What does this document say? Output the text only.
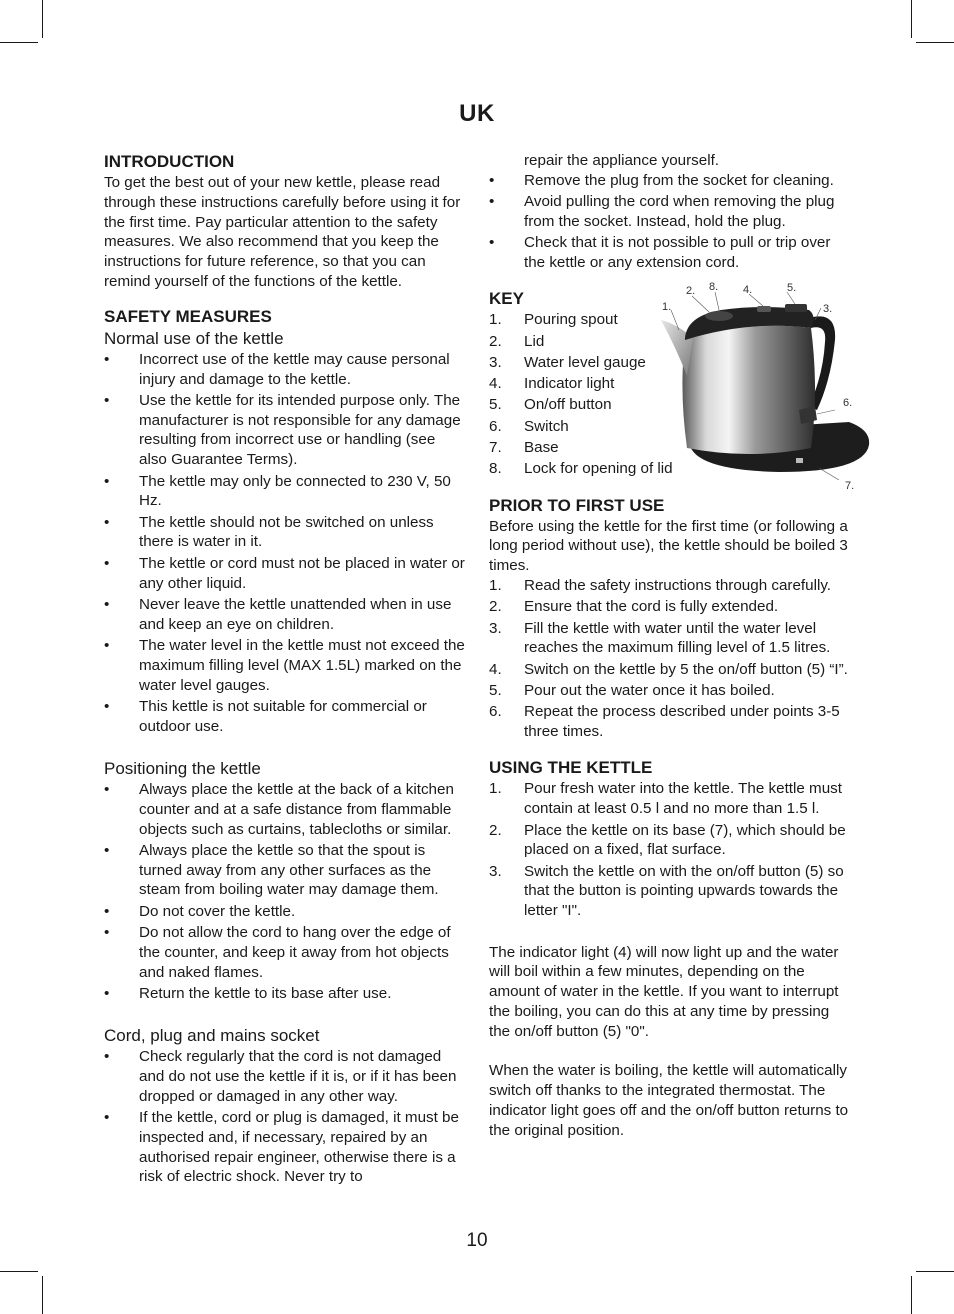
UK
INTRODUCTION

To get the best out of your new kettle, please read through these instructions carefully before using it for the first time. Pay particular attention to the safety measures. We also recommend that you keep the instructions for future reference, so that you can remind yourself of the functions of the kettle.

SAFETY MEASURES
Normal use of the kettle
• Incorrect use of the kettle may cause personal injury and damage to the kettle.
• Use the kettle for its intended purpose only. The manufacturer is not responsible for any damage resulting from incorrect use or handling (see also Guarantee Terms).
• The kettle may only be connected to 230 V, 50 Hz.
• The kettle should not be switched on unless there is water in it.
• The kettle or cord must not be placed in water or any other liquid.
• Never leave the kettle unattended when in use and keep an eye on children.
• The water level in the kettle must not exceed the maximum filling level (MAX 1.5L) marked on the water level gauges.
• This kettle is not suitable for commercial or outdoor use.
Positioning the kettle
• Always place the kettle at the back of a kitchen counter and at a safe distance from flammable objects such as curtains, tablecloths or similar.
• Always place the kettle so that the spout is turned away from any other surfaces as the steam from boiling water may damage them.
• Do not cover the kettle.
• Do not allow the cord to hang over the edge of the counter, and keep it away from hot objects and naked flames.
• Return the kettle to its base after use.
Cord, plug and mains socket
• Check regularly that the cord is not damaged and do not use the kettle if it is, or if it has been dropped or damaged in any other way.
• If the kettle, cord or plug is damaged, it must be inspected and, if necessary, repaired by an authorised repair engineer, otherwise there is a risk of electric shock. Never try to

repair the appliance yourself.

• Remove the plug from the socket for cleaning.
• Avoid pulling the cord when removing the plug from the socket. Instead, hold the plug.
• Check that it is not possible to pull or trip over the kettle or any extension cord.
KEY
1. Pouring spout
2. Lid
3. Water level gauge
4. Indicator light
5. On/off button
6. Switch
7. Base
8. Lock for opening of lid
1.
2. 8. 4.	5.
3.
6.
7.
PRIOR TO FIRST USE

Before using the kettle for the first time (or following a long period without use), the kettle should be boiled 3 times.

1. Read the safety instructions through carefully.
2. Ensure that the cord is fully extended.
3. Fill the kettle with water until the water level reaches the maximum filling level of 1.5 litres.
4. Switch on the kettle by 5 the on/off button (5) “I”.
5. Pour out the water once it has boiled.
6. Repeat the process described under points 3-5 three times.
USING THE KETTLE
1. Pour fresh water into the kettle. The kettle must contain at least 0.5 l and no more than 1.5 l.
2. Place the kettle on its base (7), which should be placed on a fixed, flat surface.
3. Switch the kettle on with the on/off button (5) so that the button is pointing upwards towards the letter "I".

The indicator light (4) will now light up and the water will boil within a few minutes, depending on the amount of water in the kettle. If you want to interrupt the boiling, you can do this at any time by pressing the on/off button (5) "0".

When the water is boiling, the kettle will automatically switch off thanks to the integrated thermostat. The indicator light goes off and the on/off button returns to the original position.

10
